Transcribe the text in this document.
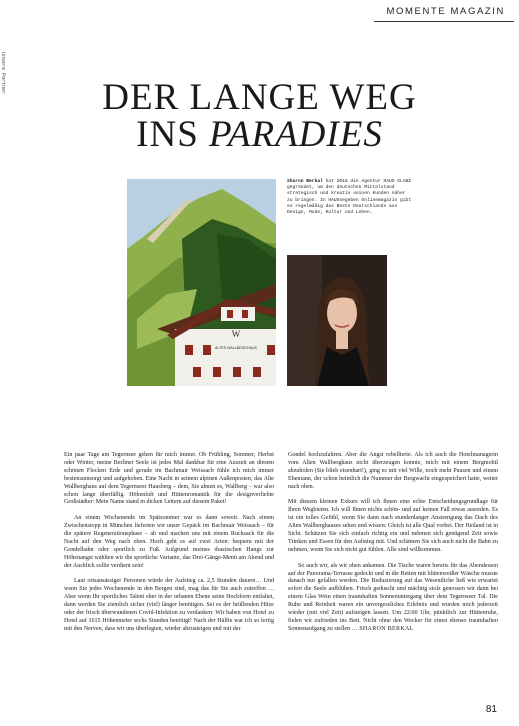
MOMENTE MAGAZIN
Unsere Partner
DER LANGE WEG
INS PARADIES
W
ALTES WALLBERGHAUS
Sharon Berkal hat 2018 die Agentur HAUS GLANZ gegründet, um den deutschen Mittelstand strategisch und kreativ seinen Kunden näher zu bringen. In HAUSsegeben Onlinemagazin gibt es regelmäßig das Beste Deutschlands aus Design, Mode, Kultur und Leben.

Ein paar Tage am Tegernsee gehen für mich immer. Ob Frühling, Sommer, Herbst oder Winter, meine Berliner Seele ist jedes Mal dankbar für eine Auszeit an diesem schönen Flecken Erde und gerade im Bachmair Weissach fühle ich mich immer bestensumsorgt und aufgehoben. Eine Nacht in seinem alpinen Außenposten, das Alte Wallberghaus auf dem Tegernseer Hausberg – dem, Sie ahnen es, Wallberg – war also schon lange überfällig. Höhenluft und Hüttenromantik für die designverliebte Großstädter: Mein Name stand in dicken Lettern auf diesem Paket!

An einem Wochenende im Spätsommer war es dann soweit. Nach einem Zwischenstopp in München lieferten wir unser Gepäck im Bachmair Weissach – für die spätere Regenerationsphase – ab und machen uns mit einem Rucksack für die Nacht auf den Weg nach oben. Hoch geht es auf zwei Arten: bequem mit der Gondelbahn oder sportlich zu Fuß. Aufgrund meines drastischen Hangs zur Höhenangst wählten wir die sportliche Variante, das Drei-Gänge-Menü am Abend und der Ausblick sollte verdient sein!

Laut ortsansässiger Personen würde der Aufstieg ca. 2,5 Stunden dauern… Und wenn Sie jedes Wochenende in den Bergen sind, mag das für Sie auch zutreffen … Aber wenn Ihr sportliches Talent eher in der urbanen Ebene seine Hochform entfaltet, dann werden Sie ziemlich sicher (viel) länger benötigen. Sei es der brüllenden Hitze oder der frisch überwundenen Covid-Infektion zu verdanken: Wir haben von Hotel zu Hotel auf 1615 Höhenmeter sechs Stunden benötigt! Nach der Hälfte war ich so fertig mit den Nerven, dass wir uns überlegten, wieder abzusteigen und mit der

Gondel hochzufahren. Aber die Angst rebellierte. Als ich auch die Hotelmanagerin vom Alten Wallberghaus nicht überzeugen konnte, mich mit einem Bergmobil abzuholen (Sie blieb eisenhart!), ging es mit viel Wille, noch mehr Pausen und einem Ehemann, der schon heimlich die Nummer der Bergwacht eingespeichert hatte, weiter nach oben.

Mit diesem kleinen Exkurs will ich Ihnen eine echte Entscheidungsgrundlage für Ihren Wegbieten. Ich will Ihnen nichts schön- und auf keinen Fall etwas ausreden. Es ist ein tolles Gefühl, wenn Sie dann nach stundenlanger Anstrengung das Dach des Alten Wallberghauses sehen und wissen: Gleich ist alle Qual vorbei. Der Heiland ist in Sicht. Schätzen Sie sich einfach richtig ein und nehmen sich genügend Zeit sowie Trinken und Essen für den Aufstieg mit. Und schämen Sie sich auch nicht die Bahn zu nehmen, wenn Sie sich nicht gut fühlen. Alle sind willkommen.

So auch wir, als wir oben ankamen. Die Tische waren bereits für das Abendessen auf der Panorama-Terrasse gedeckt und in die Betten mit blütenweißer Wäsche musste danach nur gefallen werden. Die Reduzierung auf das Wesentliche ließ wie erwartet sofort die Seele aufblühen. Frisch geduscht und mächtig stolz genossen wir dann bei einem Glas Wein einen traumhaften Sonnenuntergang über dem Tegernseer Tal. Die Ruhe und Reinheit waren ein unvergessliches Erlebnis und wurden mich jederzeit wieder (mit viel Zeit) aufsteigen lassen. Um 22:00 Uhr, pünktlich zur Hüttenruhe, fielen wir zufrieden ins Bett. Nicht ohne den Wecker für einen ebenso traumhaften Sonnenaufgang zu stellen … SHARON BERKAL

81
